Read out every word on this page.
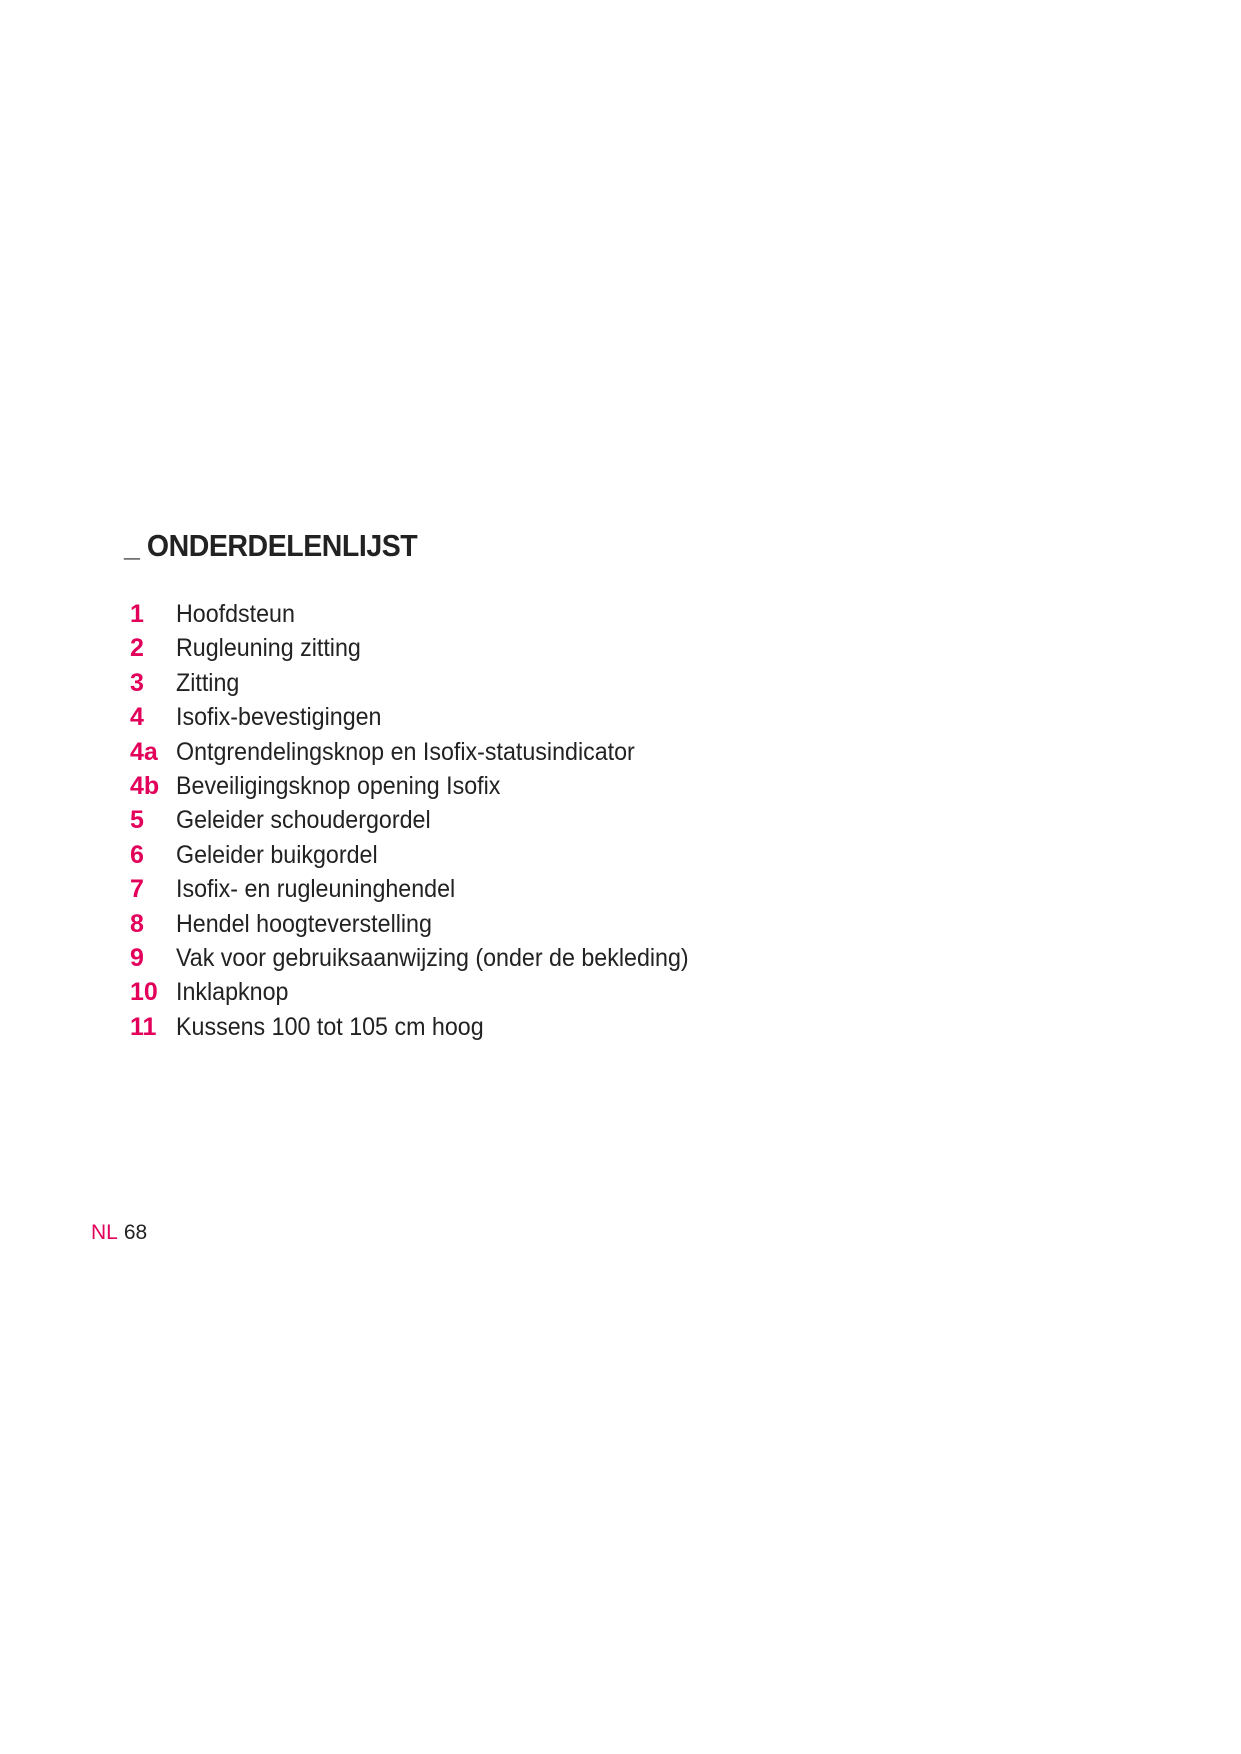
_ ONDERDELENLIJST
1	Hoofdsteun
2	Rugleuning zitting
3	Zitting
4	Isofix-bevestigingen
4a Ontgrendelingsknop en Isofix-statusindicator
4b Beveiligingsknop opening Isofix
5	Geleider schoudergordel
6	Geleider buikgordel
7	Isofix- en rugleuninghendel
8	Hendel hoogteverstelling
9	Vak voor gebruiksaanwijzing (onder de bekleding)
10 Inklapknop
11 Kussens 100 tot 105 cm hoog
NL 68
